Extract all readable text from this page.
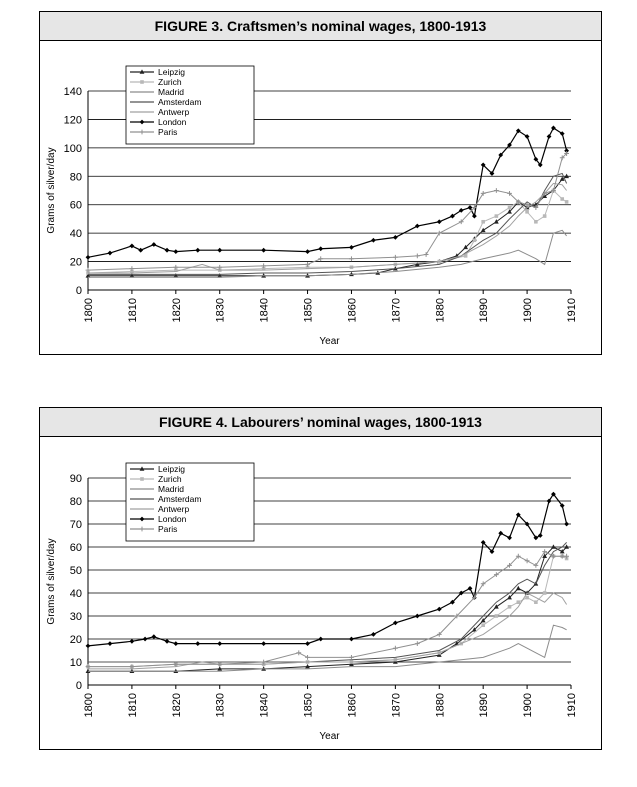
FIGURE 3. Craftsmen’s nominal wages, 1800-1913
0
20
40
60
80
100
120
140
1800	1810	1820	1830	1840	1850	1860	1870	1880	1890	1900	1910
Year
Grams of silver/day
Leipzig
Zurich
Madrid
Amsterdam
Antwerp
London
Paris
FIGURE 4. Labourers’ nominal wages, 1800-1913
0
10
20
30
40
50
60
70
80
90
1800	1810	1820	1830	1840	1850	1860	1870	1880	1890	1900	1910
Year
Grams of silver/day
Leipzig
Zurich
Madrid
Amsterdam
Antwerp
London
Paris
